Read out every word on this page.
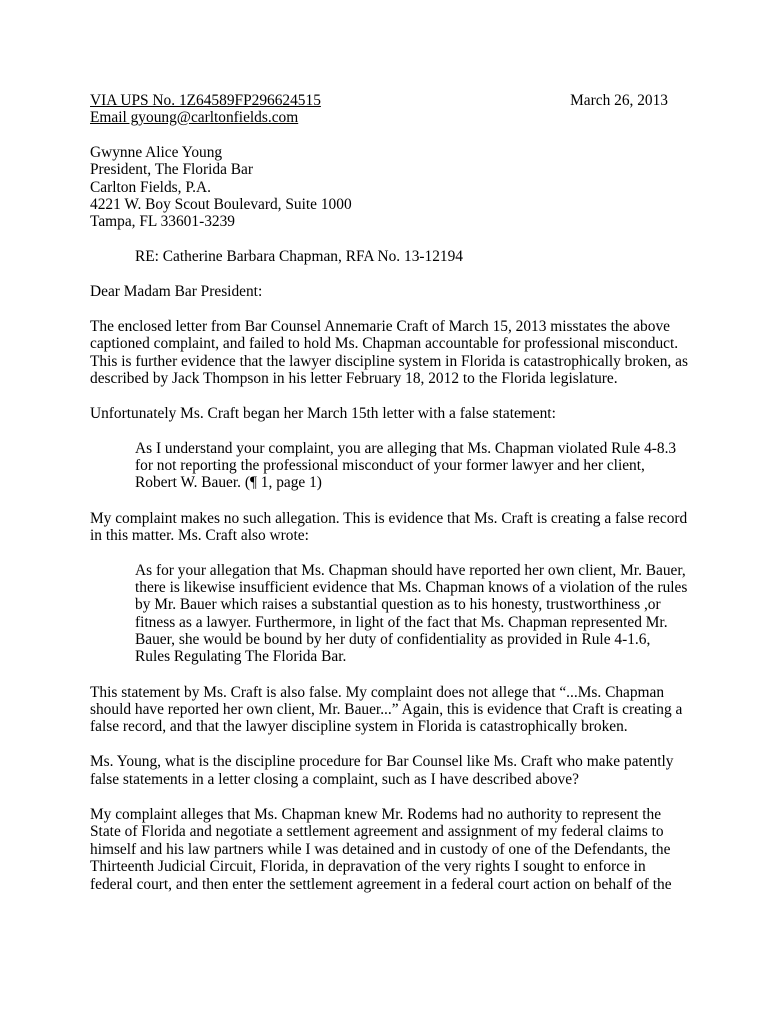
VIA UPS No. 1Z64589FP296624515	March 26, 2013
Email gyoung@carltonfields.com
Gwynne Alice Young
President, The Florida Bar
Carlton Fields, P.A.
4221 W. Boy Scout Boulevard, Suite 1000
Tampa, FL 33601-3239
RE: Catherine Barbara Chapman, RFA No. 13-12194
Dear Madam Bar President:
The enclosed letter from Bar Counsel Annemarie Craft of March 15, 2013 misstates the above
captioned complaint, and failed to hold Ms. Chapman accountable for professional misconduct.
This is further evidence that the lawyer discipline system in Florida is catastrophically broken, as
described by Jack Thompson in his letter February 18, 2012 to the Florida legislature.
Unfortunately Ms. Craft began her March 15th letter with a false statement:
As I understand your complaint, you are alleging that Ms. Chapman violated Rule 4-8.3
for not reporting the professional misconduct of your former lawyer and her client,
Robert W. Bauer. (¶ 1, page 1)
My complaint makes no such allegation. This is evidence that Ms. Craft is creating a false record
in this matter. Ms. Craft also wrote:
As for your allegation that Ms. Chapman should have reported her own client, Mr. Bauer,
there is likewise insufficient evidence that Ms. Chapman knows of a violation of the rules
by Mr. Bauer which raises a substantial question as to his honesty, trustworthiness ,or
fitness as a lawyer. Furthermore, in light of the fact that Ms. Chapman represented Mr.
Bauer, she would be bound by her duty of confidentiality as provided in Rule 4-1.6,
Rules Regulating The Florida Bar.
This statement by Ms. Craft is also false. My complaint does not allege that “...Ms. Chapman
should have reported her own client, Mr. Bauer...” Again, this is evidence that Craft is creating a
false record, and that the lawyer discipline system in Florida is catastrophically broken.
Ms. Young, what is the discipline procedure for Bar Counsel like Ms. Craft who make patently
false statements in a letter closing a complaint, such as I have described above?
My complaint alleges that Ms. Chapman knew Mr. Rodems had no authority to represent the
State of Florida and negotiate a settlement agreement and assignment of my federal claims to
himself and his law partners while I was detained and in custody of one of the Defendants, the
Thirteenth Judicial Circuit, Florida, in depravation of the very rights I sought to enforce in
federal court, and then enter the settlement agreement in a federal court action on behalf of the
